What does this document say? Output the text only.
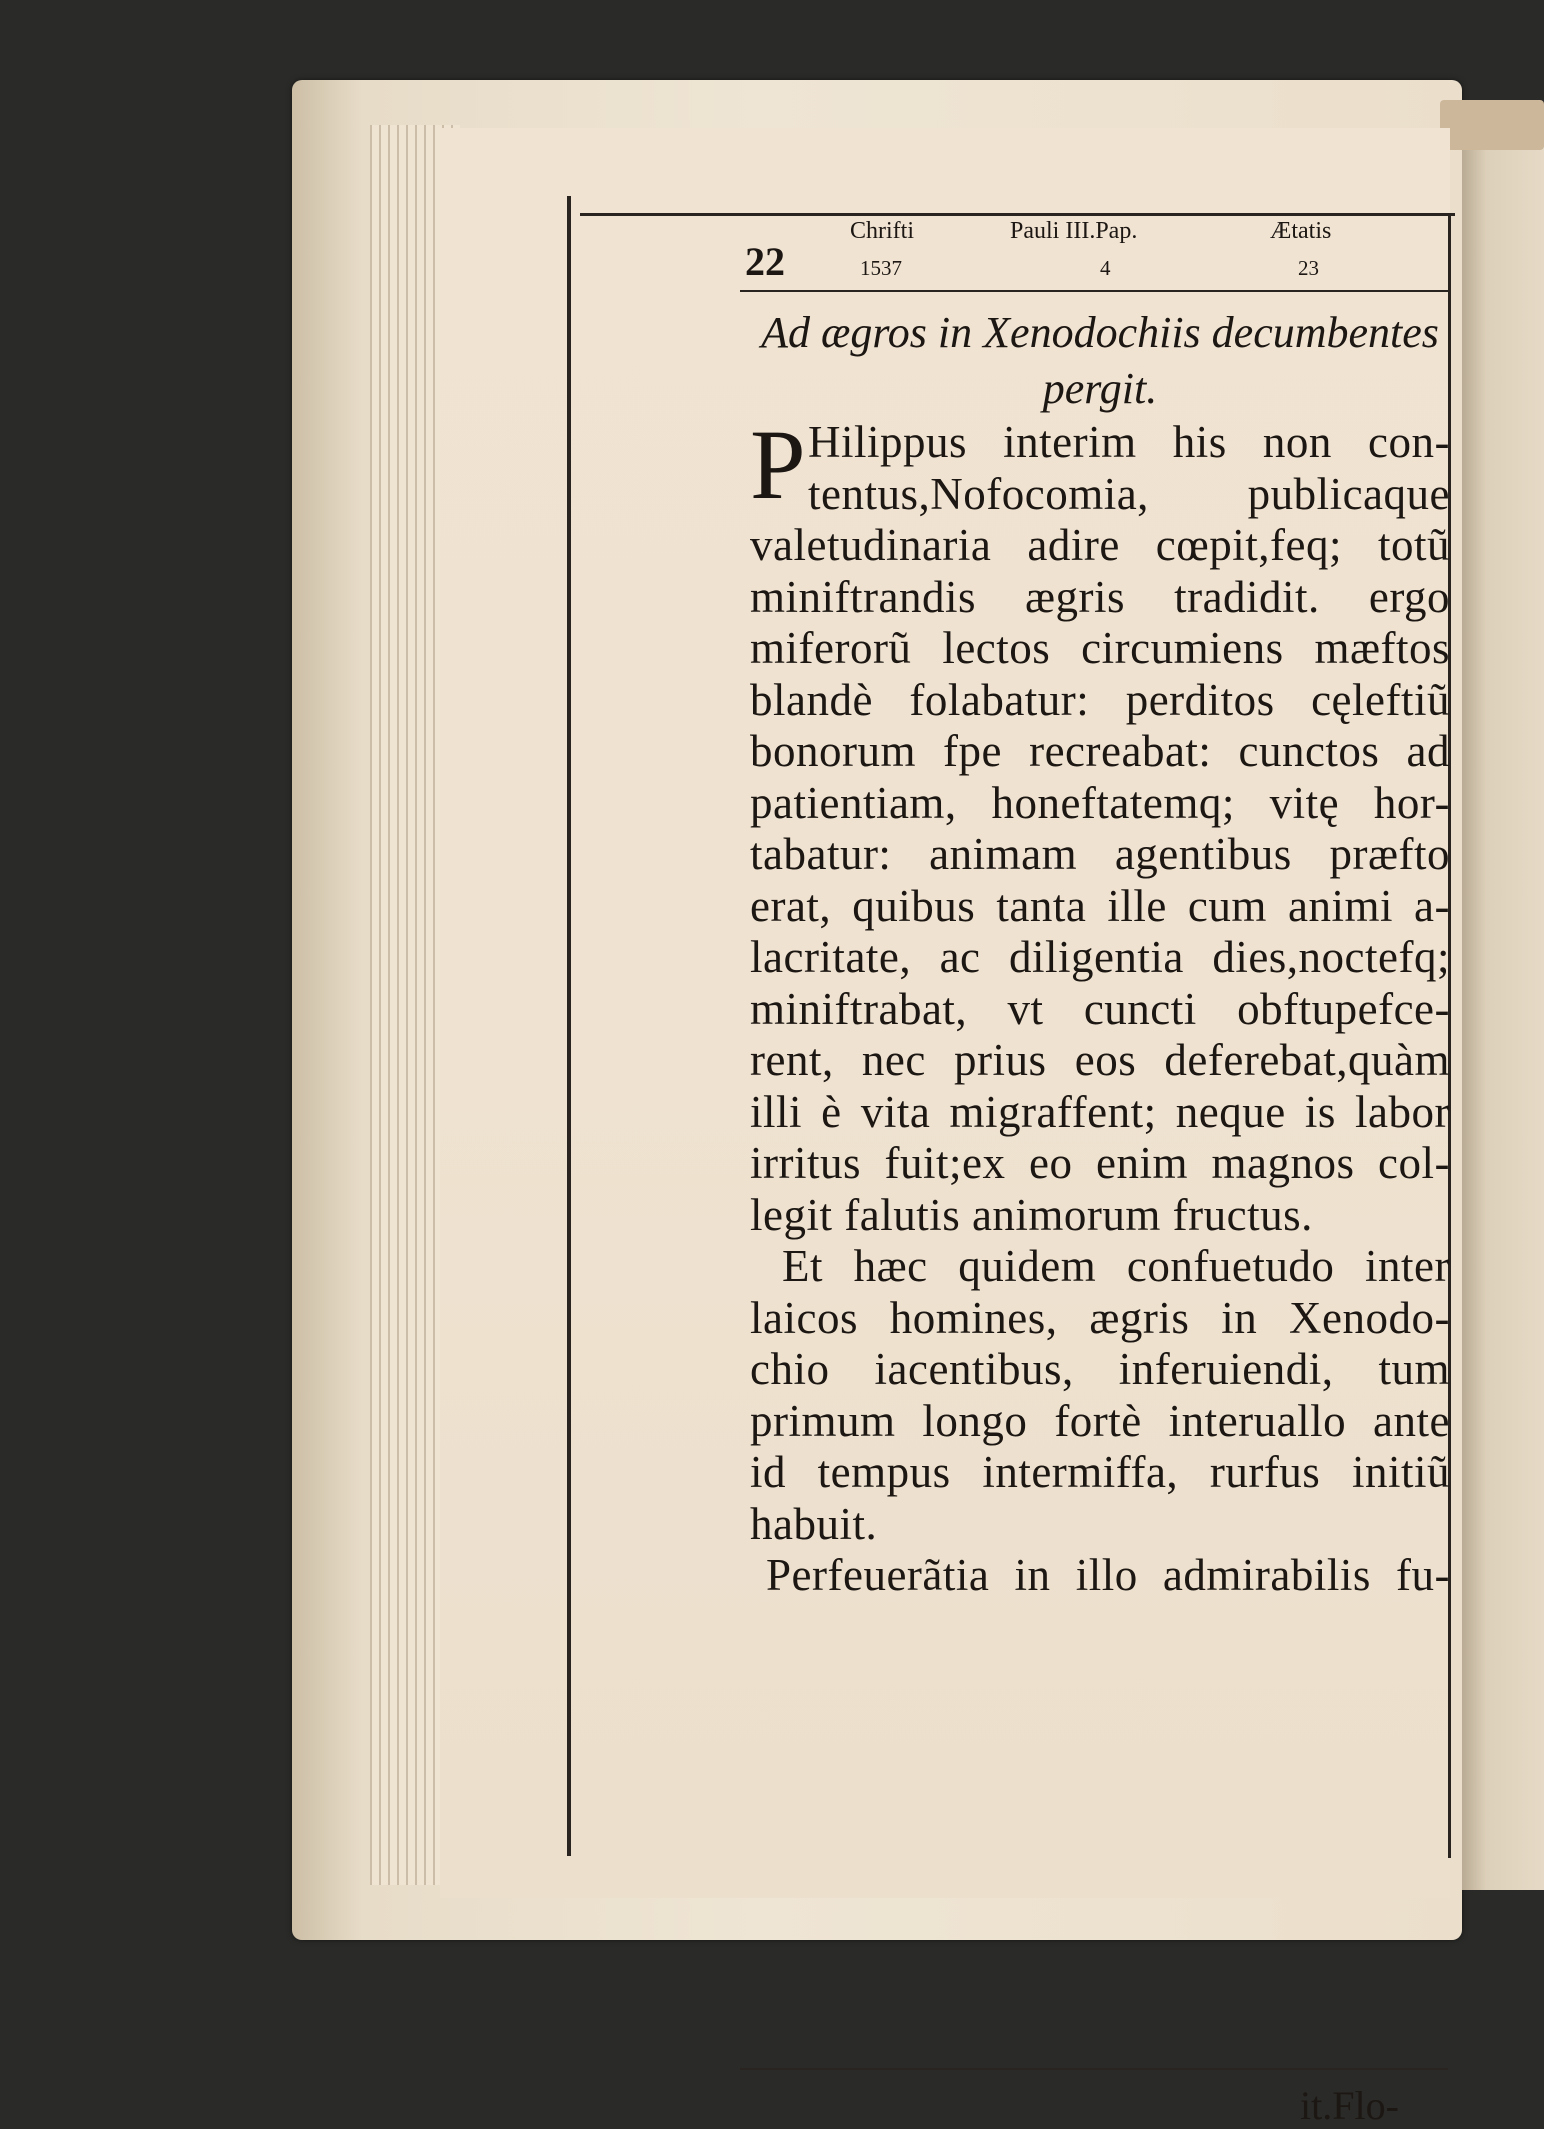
22
Chrifti
1537
Pauli III.Pap.
4
Ætatis
23

Ad ægros in Xenodochiis decumbentes
pergit.

P Hilippus interim his non con-
tentus,Nofocomia, publicaque
valetudinaria adire cœpit,feq; totũ
miniftrandis ægris tradidit. ergo
miferorũ lectos circumiens mæftos
blandè folabatur: perditos cęleftiũ
bonorum fpe recreabat: cunctos ad
patientiam, honeftatemq; vitę hor-
tabatur: animam agentibus præfto
erat, quibus tanta ille cum animi a-
lacritate, ac diligentia dies,noctefq;
miniftrabat, vt cuncti obftupefce-
rent, nec prius eos deferebat,quàm
illi è vita migraffent; neque is labor
irritus fuit;ex eo enim magnos col-
legit falutis animorum fructus.

Et hæc quidem confuetudo inter
laicos homines, ægris in Xenodo-
chio iacentibus, inferuiendi, tum
primum longo fortè interuallo ante
id tempus intermiffa, rurfus initiũ
habuit.

Perfeuerãtia in illo admirabilis fu-

it.Flo-
